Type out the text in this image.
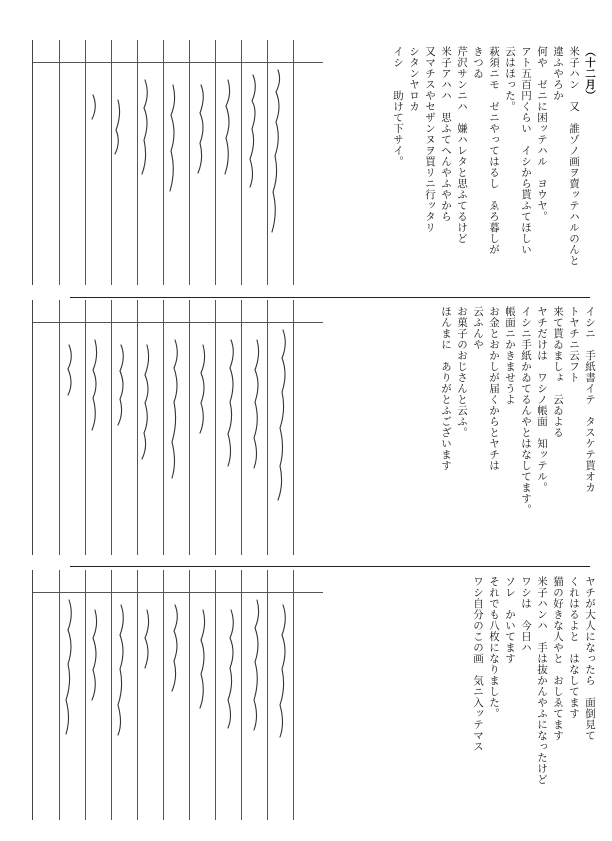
（十二月）
米子ハン　又　誰ゾノ画ヲ賣ッテハルのんと
違ふやろか
何や　ゼニに困ッテハル　ヨウヤ。
アト五百円くらい　イシから貰ふてほしい
云はほった。
萩須ニモ　ゼニやってはるし　ゑろ暮しが
きつゐ
芹沢サンニハ　嫌ハレタと思ふてるけど
米子アハハ　思ふてへんやふやから
又マチスやセザンヌヲ買リニ行ッタリ
シタンヤロカ
イシ　　助けて下サイ。
イシニ　手紙書イテ　タスケテ貰オカ
トヤチニ云フト
来て貰ゐましょ　云ゐよる
ヤチだけは　ワシノ帳面　知ッテル。
イシニ手紙かゐてるんやとはなしてます。
帳面ニかきませうよ
お金とおかしが届くからとヤチは
云ふんや
お菓子のおじさんと云ふ。
ほんまに　ありがとふございます
ヤチが大人になったら　面倒見て
くれはるよと　はなしてます
猫の好きな人やと　おしゑてます
米子ハンハ　手は抜かんやふになったけど
ワシは　今日ハ
ソレ　かいてます
それでも八枚になりました。
ワシ自分のこの画　気ニ入ッテマス
